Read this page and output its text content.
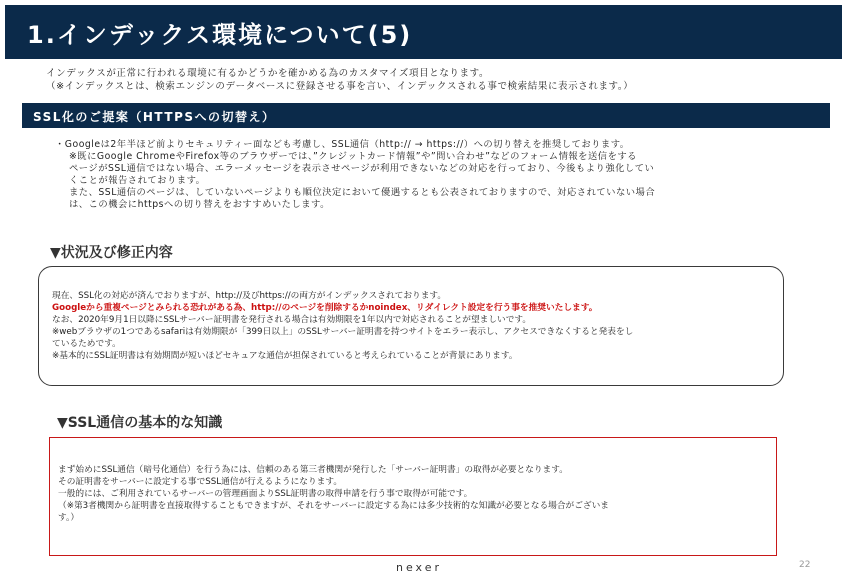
1.インデックス環境について(5)
インデックスが正常に行われる環境に有るかどうかを確かめる為のカスタマイズ項目となります。
（※インデックスとは、検索エンジンのデータベースに登録させる事を言い、インデックスされる事で検索結果に表示されます。）
SSL化のご提案（HTTPSへの切替え）
・Googleは2年半ほど前よりセキュリティー面なども考慮し、SSL通信（http:// → https://）への切り替えを推奨しております。
※既にGoogle ChromeやFirefox等のブラウザーでは、”クレジットカード情報”や”問い合わせ”などのフォーム情報を送信をする
ページがSSL通信ではない場合、エラーメッセージを表示させページが利用できないなどの対応を行っており、今後もより強化してい
くことが報告されております。
また、SSL通信のページは、していないページよりも順位決定において優遇するとも公表されておりますので、対応されていない場合
は、この機会にhttpsへの切り替えをおすすめいたします。
▼状況及び修正内容
現在、SSL化の対応が済んでおりますが、http://及びhttps://の両方がインデックスされております。
Googleから重複ページとみられる恐れがある為、http://のページを削除するかnoindex、リダイレクト設定を行う事を推奨いたします。
なお、2020年9月1日以降にSSLサーバー証明書を発行される場合は有効期限を1年以内で対応されることが望ましいです。
※webブラウザの1つであるsafariは有効期限が「399日以上」のSSLサーバー証明書を持つサイトをエラー表示し、アクセスできなくすると発表をし
ているためです。
※基本的にSSL証明書は有効期間が短いほどセキュアな通信が担保されていると考えられていることが背景にあります。
▼SSL通信の基本的な知識
まず始めにSSL通信（暗号化通信）を行う為には、信頼のある第三者機関が発行した「サーバー証明書」の取得が必要となります。
その証明書をサーバーに設定する事でSSL通信が行えるようになります。
一般的には、ご利用されているサーバーの管理画面よりSSL証明書の取得申請を行う事で取得が可能です。
（※第3者機関から証明書を直接取得することもできますが、それをサーバーに設定する為には多少技術的な知識が必要となる場合がございま
す。）
nexer	22
